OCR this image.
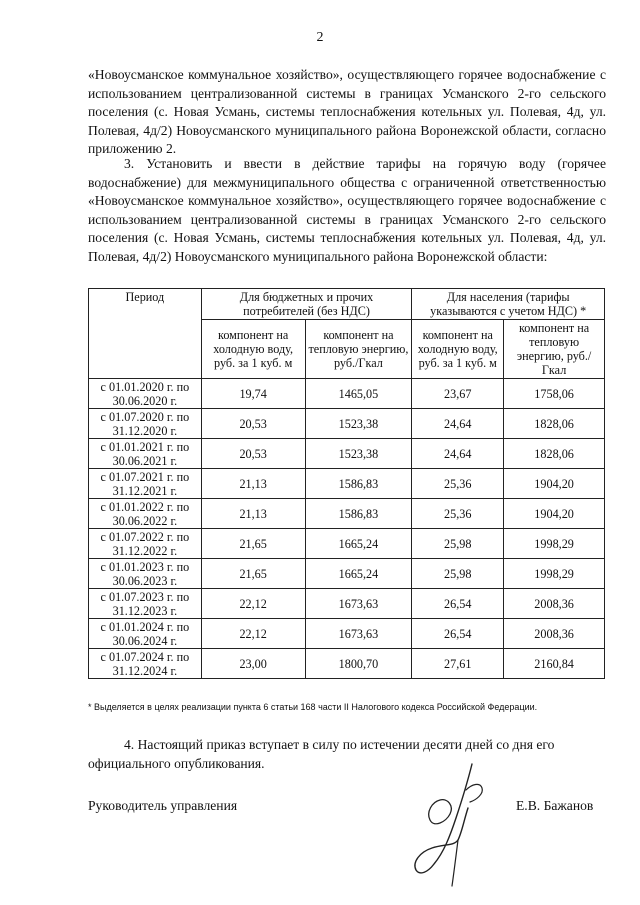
2

«Новоусманское коммунальное хозяйство», осуществляющего горячее водоснабжение с использованием централизованной системы в границах Усманского 2-го сельского поселения (с. Новая Усмань, системы теплоснабжения котельных ул. Полевая, 4д, ул. Полевая, 4д/2) Новоусманского муниципального района Воронежской области, согласно приложению 2.

3. Установить и ввести в действие тарифы на горячую воду (горячее водоснабжение) для межмуниципального общества с ограниченной ответственностью «Новоусманское коммунальное хозяйство», осуществляющего горячее водоснабжение с использованием централизованной системы в границах Усманского 2-го сельского поселения (с. Новая Усмань, системы теплоснабжения котельных ул. Полевая, 4д, ул. Полевая, 4д/2) Новоусманского муниципального района Воронежской области:

Период	Для бюджетных и прочих потребителей (без НДС)		Для населения (тарифы указываются с учетом НДС) *	
	компонент на холодную воду, руб. за 1 куб. м	компонент на тепловую энергию, руб./Гкал	компонент на холодную воду, руб. за 1 куб. м	компонент на тепловую энергию, руб./Гкал
с 01.01.2020 г. по 30.06.2020 г.	19,74	1465,05	23,67	1758,06
с 01.07.2020 г. по 31.12.2020 г.	20,53	1523,38	24,64	1828,06
с 01.01.2021 г. по 30.06.2021 г.	20,53	1523,38	24,64	1828,06
с 01.07.2021 г. по 31.12.2021 г.	21,13	1586,83	25,36	1904,20
с 01.01.2022 г. по 30.06.2022 г.	21,13	1586,83	25,36	1904,20
с 01.07.2022 г. по 31.12.2022 г.	21,65	1665,24	25,98	1998,29
с 01.01.2023 г. по 30.06.2023 г.	21,65	1665,24	25,98	1998,29
с 01.07.2023 г. по 31.12.2023 г.	22,12	1673,63	26,54	2008,36
с 01.01.2024 г. по 30.06.2024 г.	22,12	1673,63	26,54	2008,36
с 01.07.2024 г. по 31.12.2024 г.	23,00	1800,70	27,61	2160,84
* Выделяется в целях реализации пункта 6 статьи 168 части II Налогового кодекса Российской Федерации.

4. Настоящий приказ вступает в силу по истечении десяти дней со дня его официального опубликования.

Руководитель управления	Е.В. Бажанов
